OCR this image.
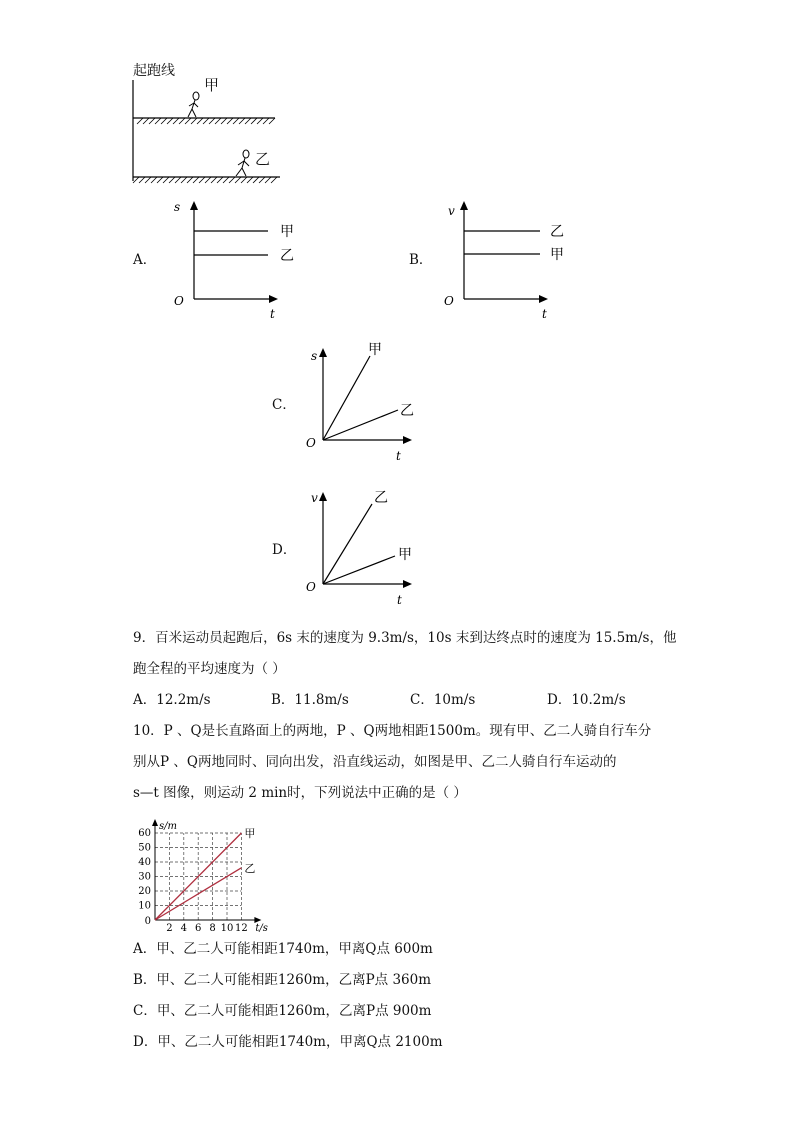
起跑线
甲
乙
A．
s
t
O
甲
乙	B．
v
t
O
乙
甲
C．
s
t
O
甲
乙
D．
v
t
O
乙
甲
9．百米运动员起跑后，6s 末的速度为 9.3m/s，10s 末到达终点时的速度为 15.5m/s，他
跑全程的平均速度为（ ）
A．12.2m/s	B．11.8m/s	C．10m/s	D．10.2m/s
10．P 、Q是长直路面上的两地，P 、Q两地相距1500m。现有甲、乙二人骑自行车分
别从P 、Q两地同时、同向出发，沿直线运动，如图是甲、乙二人骑自行车运动的
s—t 图像，则运动 2 min时，下列说法中正确的是（ ）
2 4 6 8 10 12
10
20
30
40
50
60
0
s/m
t/s
甲
乙
A．甲、乙二人可能相距1740m，甲离Q点 600m
B．甲、乙二人可能相距1260m，乙离P点 360m
C．甲、乙二人可能相距1260m，乙离P点 900m
D．甲、乙二人可能相距1740m，甲离Q点 2100m
